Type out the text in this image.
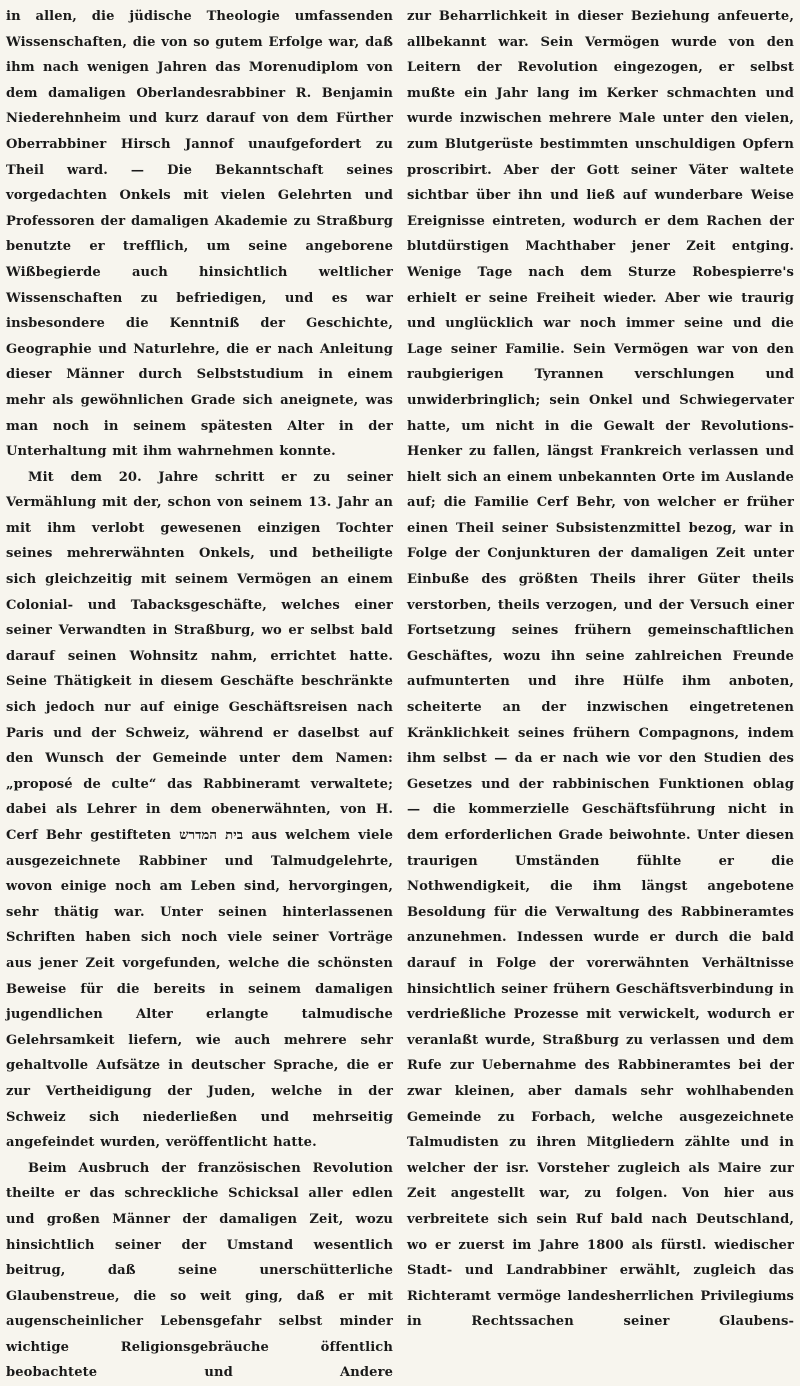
in allen, die jüdische Theologie umfassenden Wissenschaften, die von so gutem Erfolge war, daß ihm nach wenigen Jahren das Morenudiplom von dem damaligen Oberlandesrabbiner R. Benjamin Niederehnheim und kurz darauf von dem Fürther Oberrabbiner Hirsch Jannof unaufgefordert zu Theil ward. — Die Bekanntschaft seines vorgedachten Onkels mit vielen Gelehrten und Professoren der damaligen Akademie zu Straßburg benutzte er trefflich, um seine angeborene Wißbegierde auch hinsichtlich weltlicher Wissenschaften zu befriedigen, und es war insbesondere die Kenntniß der Geschichte, Geographie und Naturlehre, die er nach Anleitung dieser Männer durch Selbststudium in einem mehr als gewöhnlichen Grade sich aneignete, was man noch in seinem spätesten Alter in der Unterhaltung mit ihm wahrnehmen konnte.

Mit dem 20. Jahre schritt er zu seiner Vermählung mit der, schon von seinem 13. Jahr an mit ihm verlobt gewesenen einzigen Tochter seines mehrerwähnten Onkels, und betheiligte sich gleichzeitig mit seinem Vermögen an einem Colonial- und Tabacksgeschäfte, welches einer seiner Verwandten in Straßburg, wo er selbst bald darauf seinen Wohnsitz nahm, errichtet hatte. Seine Thätigkeit in diesem Geschäfte beschränkte sich jedoch nur auf einige Geschäftsreisen nach Paris und der Schweiz, während er daselbst auf den Wunsch der Gemeinde unter dem Namen: „proposé de culte“ das Rabbineramt verwaltete; dabei als Lehrer in dem obenerwähnten, von H. Cerf Behr gestifteten בית המדרש aus welchem viele ausgezeichnete Rabbiner und Talmudgelehrte, wovon einige noch am Leben sind, hervorgingen, sehr thätig war. Unter seinen hinterlassenen Schriften haben sich noch viele seiner Vorträge aus jener Zeit vorgefunden, welche die schönsten Beweise für die bereits in seinem damaligen jugendlichen Alter erlangte talmudische Gelehrsamkeit liefern, wie auch mehrere sehr gehaltvolle Aufsätze in deutscher Sprache, die er zur Vertheidigung der Juden, welche in der Schweiz sich niederließen und mehrseitig angefeindet wurden, veröffentlicht hatte.

Beim Ausbruch der französischen Revolution theilte er das schreckliche Schicksal aller edlen und großen Männer der damaligen Zeit, wozu hinsichtlich seiner der Umstand wesentlich beitrug, daß seine unerschütterliche Glaubenstreue, die so weit ging, daß er mit augenscheinlicher Lebensgefahr selbst minder wichtige Religionsgebräuche öffentlich beobachtete und Andere

zur Beharrlichkeit in dieser Beziehung anfeuerte, allbekannt war. Sein Vermögen wurde von den Leitern der Revolution eingezogen, er selbst mußte ein Jahr lang im Kerker schmachten und wurde inzwischen mehrere Male unter den vielen, zum Blutgerüste bestimmten unschuldigen Opfern proscribirt. Aber der Gott seiner Väter waltete sichtbar über ihn und ließ auf wunderbare Weise Ereignisse eintreten, wodurch er dem Rachen der blutdürstigen Machthaber jener Zeit entging. Wenige Tage nach dem Sturze Robespierre's erhielt er seine Freiheit wieder. Aber wie traurig und unglücklich war noch immer seine und die Lage seiner Familie. Sein Vermögen war von den raubgierigen Tyrannen verschlungen und unwiderbringlich; sein Onkel und Schwiegervater hatte, um nicht in die Gewalt der Revolutions-Henker zu fallen, längst Frankreich verlassen und hielt sich an einem unbekannten Orte im Auslande auf; die Familie Cerf Behr, von welcher er früher einen Theil seiner Subsistenzmittel bezog, war in Folge der Conjunkturen der damaligen Zeit unter Einbuße des größten Theils ihrer Güter theils verstorben, theils verzogen, und der Versuch einer Fortsetzung seines frühern gemeinschaftlichen Geschäftes, wozu ihn seine zahlreichen Freunde aufmunterten und ihre Hülfe ihm anboten, scheiterte an der inzwischen eingetretenen Kränklichkeit seines frühern Compagnons, indem ihm selbst — da er nach wie vor den Studien des Gesetzes und der rabbinischen Funktionen oblag — die kommerzielle Geschäftsführung nicht in dem erforderlichen Grade beiwohnte. Unter diesen traurigen Umständen fühlte er die Nothwendigkeit, die ihm längst angebotene Besoldung für die Verwaltung des Rabbineramtes anzunehmen. Indessen wurde er durch die bald darauf in Folge der vorerwähnten Verhältnisse hinsichtlich seiner frühern Geschäftsverbindung in verdrießliche Prozesse mit verwickelt, wodurch er veranlaßt wurde, Straßburg zu verlassen und dem Rufe zur Uebernahme des Rabbineramtes bei der zwar kleinen, aber damals sehr wohlhabenden Gemeinde zu Forbach, welche ausgezeichnete Talmudisten zu ihren Mitgliedern zählte und in welcher der isr. Vorsteher zugleich als Maire zur Zeit angestellt war, zu folgen. Von hier aus verbreitete sich sein Ruf bald nach Deutschland, wo er zuerst im Jahre 1800 als fürstl. wiedischer Stadt- und Landrabbiner erwählt, zugleich das Richteramt vermöge landesherrlichen Privilegiums in Rechtssachen seiner Glaubens-
